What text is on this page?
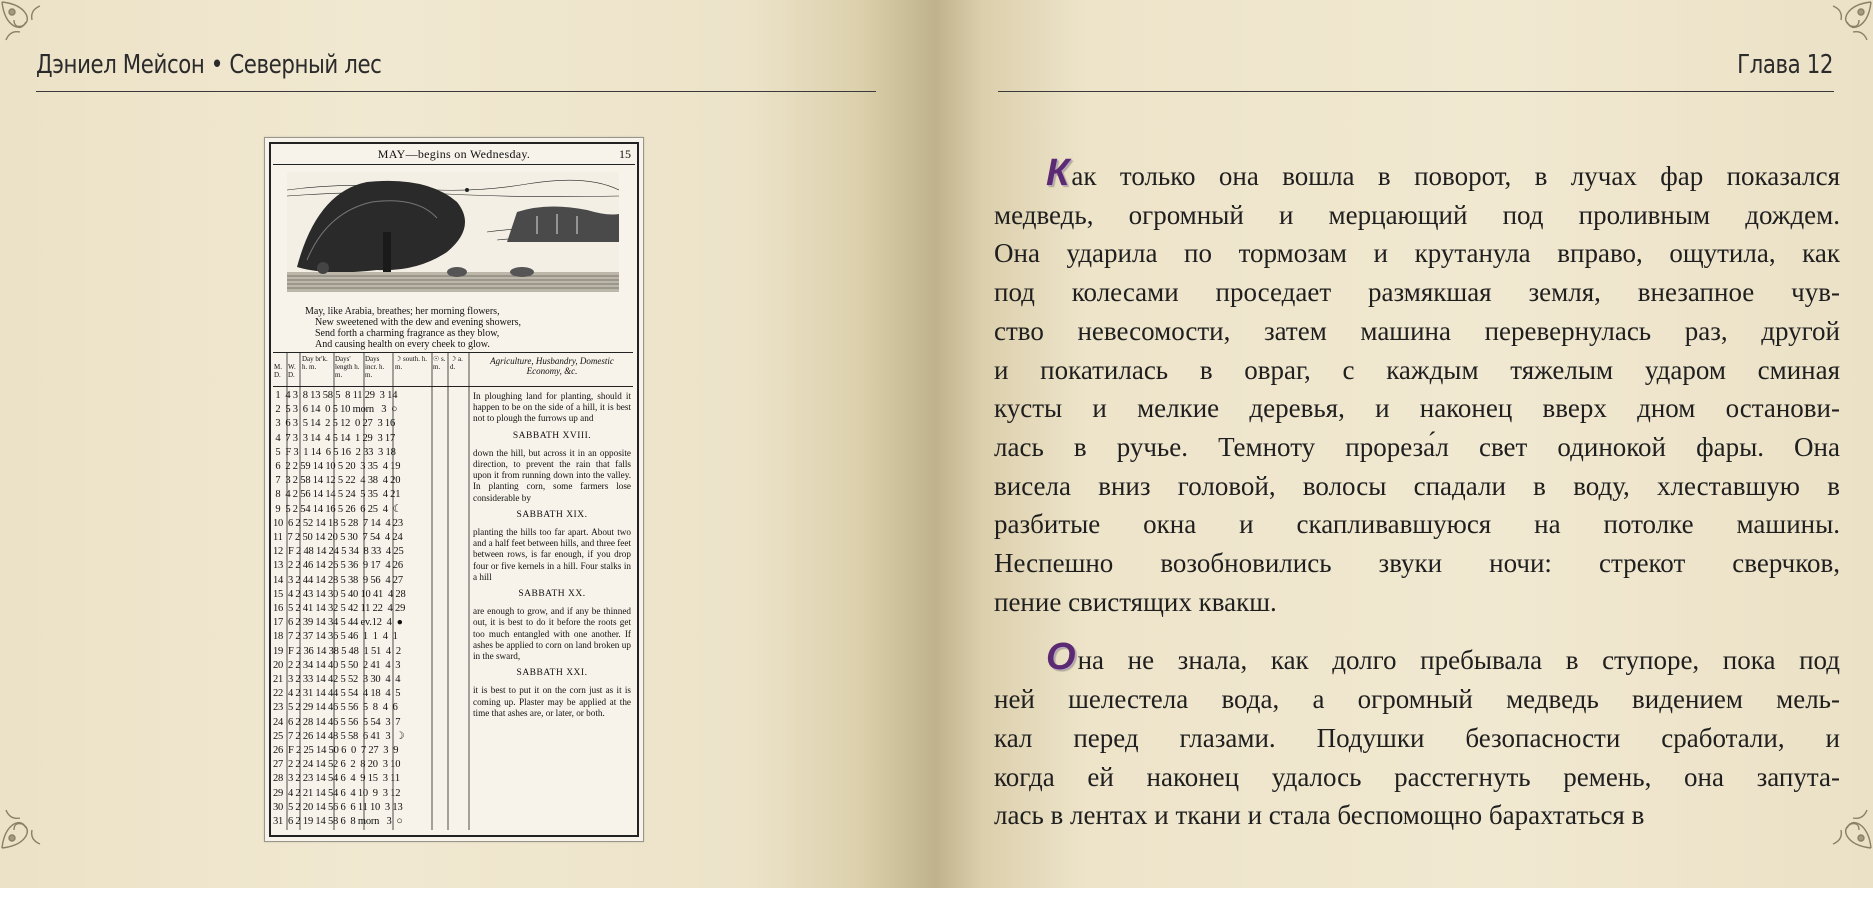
Дэниел Мейсон • Северный лес
MAY—begins on Wednesday.	15
May, like Arabia, breathes; her morning flowers,
New sweetened with the dew and evening showers,
Send forth a charming fragrance as they blow,
And causing health on every cheek to glow.
M. D.
W. D.
Day br'k. h. m.
Days' length h. m.
Days incr. h. m.
☽ south. h. m.
☉ s. m.
☽ a. d.
Agriculture, Husbandry, Domestic Economy, &c.
1  4 3  8 13 58 5  8 11 29  3 14
2  5 3  6 14  0 5 10 morn   3  ○
3  6 3  5 14  2 5 12  0 27  3 16
4  7 3  3 14  4 5 14  1 29  3 17
5  F 3  1 14  6 5 16  2 33  3 18
6  2 2 59 14 10 5 20  3 35  4 19
7  3 2 58 14 12 5 22  4 38  4 20
8  4 2 56 14 14 5 24  5 35  4 21
9  5 2 54 14 16 5 26  6 25  4  ☾
10  6 2 52 14 18 5 28  7 14  4 23
11  7 2 50 14 20 5 30  7 54  4 24
12  F 2 48 14 24 5 34  8 33  4 25
13  2 2 46 14 26 5 36  9 17  4 26
14  3 2 44 14 28 5 38  9 56  4 27
15  4 2 43 14 30 5 40 10 41  4 28
16  5 2 41 14 32 5 42 11 22  4 29
17  6 2 39 14 34 5 44 ev.12  4  ●
18  7 2 37 14 36 5 46  1  1  4  1
19  F 2 36 14 38 5 48  1 51  4  2
20  2 2 34 14 40 5 50  2 41  4  3
21  3 2 33 14 42 5 52  3 30  4  4
22  4 2 31 14 44 5 54  4 18  4  5
23  5 2 29 14 46 5 56  5  8  4  6
24  6 2 28 14 46 5 56  5 54  3  7
25  7 2 26 14 48 5 58  6 41  3  ☽
26  F 2 25 14 50 6  0  7 27  3  9
27  2 2 24 14 52 6  2  8 20  3 10
28  3 2 23 14 54 6  4  9 15  3 11
29  4 2 21 14 54 6  4 10  9  3 12
30  5 2 20 14 56 6  6 11 10  3 13
31  6 2 19 14 58 6  8 morn   3  ○

In ploughing land for planting, should it happen to be on the side of a hill, it is best not to plough the furrows up and

SABBATH XVIII.

down the hill, but across it in an opposite direction, to prevent the rain that falls upon it from running down into the valley. In planting corn, some farmers lose considerable by

SABBATH XIX.

planting the hills too far apart. About two and a half feet between hills, and three feet between rows, is far enough, if you drop four or five kernels in a hill. Four stalks in a hill

SABBATH XX.

are enough to grow, and if any be thinned out, it is best to do it before the roots get too much entangled with one another. If ashes be applied to corn on land broken up in the sward,

SABBATH XXI.

it is best to put it on the corn just as it is coming up. Plaster may be applied at the time that ashes are, or later, or both.

Глава 12

Как только она вошла в поворот, в лучах фар показался
медведь, огромный и мерцающий под проливным дождем.
Она ударила по тормозам и крутанула вправо, ощутила, как
под колесами проседает размякшая земля, внезапное чув-
ство невесомости, затем машина перевернулась раз, другой
и покатилась в овраг, с каждым тяжелым ударом сминая
кусты и мелкие деревья, и наконец вверх дном останови-
лась в ручье. Темноту прореза́л свет одинокой фары. Она
висела вниз головой, волосы спадали в воду, хлеставшую в
разбитые окна и скапливавшуюся на потолке машины.
Неспешно возобновились звуки ночи: стрекот сверчков,
пение свистящих квакш.

Она не знала, как долго пребывала в ступоре, пока под
ней шелестела вода, а огромный медведь видением мель-
кал перед глазами. Подушки безопасности сработали, и
когда ей наконец удалось расстегнуть ремень, она запута-
лась в лентах и ткани и стала беспомощно барахтаться в
